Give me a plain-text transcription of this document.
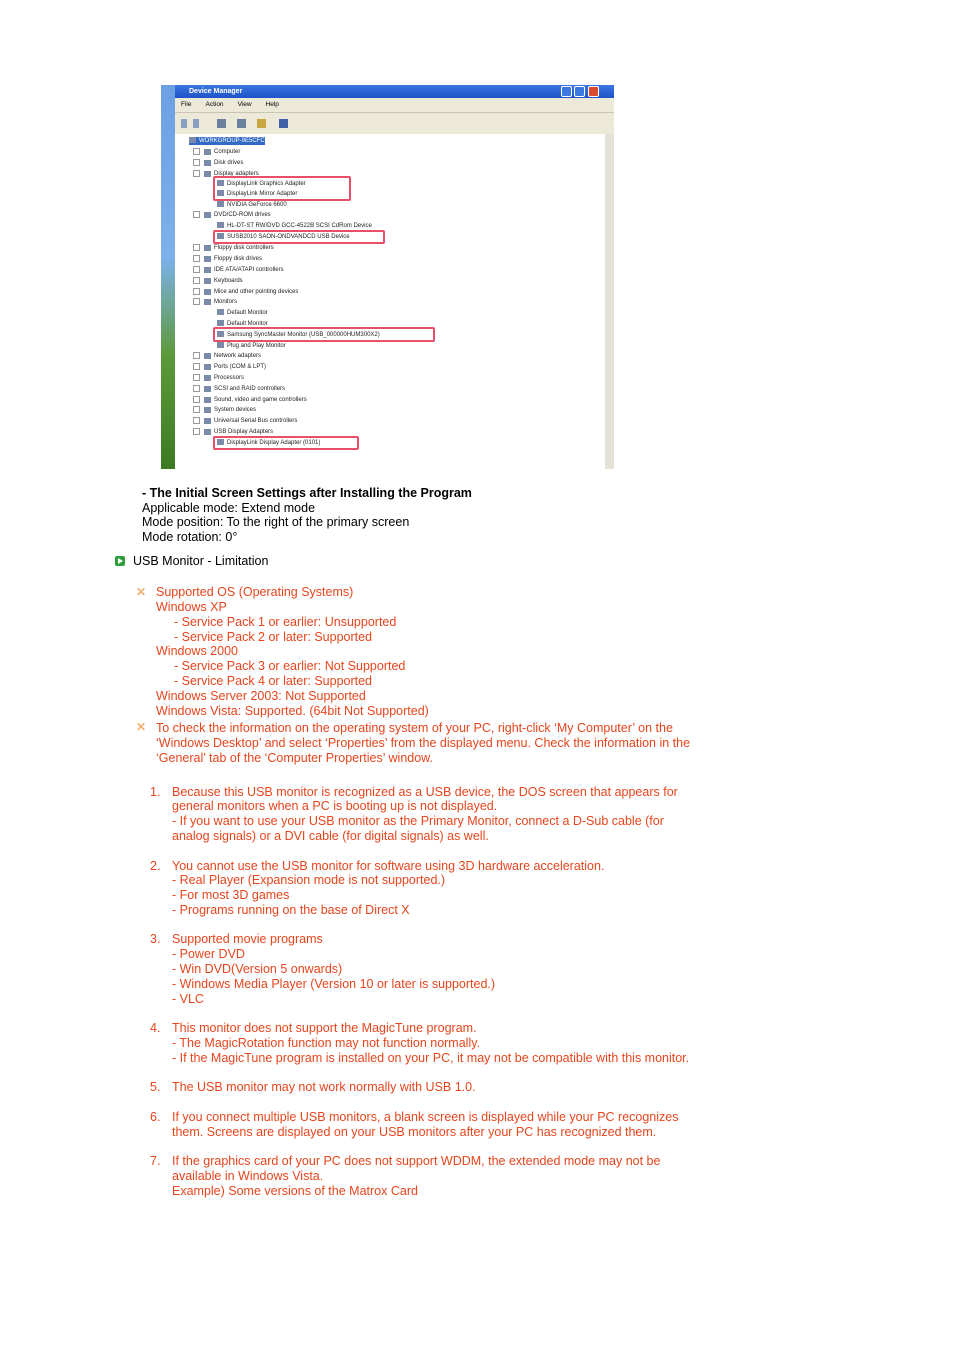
Device Manager
File Action View Help
WORKGROUP-9E5CFC
Computer
Disk drives
Display adapters
DisplayLink Graphics Adapter
DisplayLink Mirror Adapter
NVIDIA GeForce 6600
DVD/CD-ROM drives
HL-DT-ST RW/DVD GCC-4522B SCSI CdRom Device
SUSB2010 SAON-ONDVANDCD USB Device
Floppy disk controllers
Floppy disk drives
IDE ATA/ATAPI controllers
Keyboards
Mice and other pointing devices
Monitors
Default Monitor
Default Monitor
Samsung SyncMaster Monitor (USB_000000HUM300X2)
Plug and Play Monitor
Network adapters
Ports (COM & LPT)
Processors
SCSI and RAID controllers
Sound, video and game controllers
System devices
Universal Serial Bus controllers
USB Display Adapters
DisplayLink Display Adapter (0101)
- The Initial Screen Settings after Installing the Program
Applicable mode: Extend mode
Mode position: To the right of the primary screen
Mode rotation: 0°
USB Monitor - Limitation
✕ Supported OS (Operating Systems)
Windows XP
- Service Pack 1 or earlier: Unsupported
- Service Pack 2 or later: Supported
Windows 2000
- Service Pack 3 or earlier: Not Supported
- Service Pack 4 or later: Supported
Windows Server 2003: Not Supported
Windows Vista: Supported. (64bit Not Supported)
✕ To check the information on the operating system of your PC, right-click ‘My Computer’ on the
‘Windows Desktop’ and select ‘Properties’ from the displayed menu. Check the information in the
‘General’ tab of the ‘Computer Properties’ window.
1. Because this USB monitor is recognized as a USB device, the DOS screen that appears for
general monitors when a PC is booting up is not displayed.
- If you want to use your USB monitor as the Primary Monitor, connect a D-Sub cable (for
analog signals) or a DVI cable (for digital signals) as well.
2. You cannot use the USB monitor for software using 3D hardware acceleration.
- Real Player (Expansion mode is not supported.)
- For most 3D games
- Programs running on the base of Direct X
3. Supported movie programs
- Power DVD
- Win DVD(Version 5 onwards)
- Windows Media Player (Version 10 or later is supported.)
- VLC
4. This monitor does not support the MagicTune program.
- The MagicRotation function may not function normally.
- If the MagicTune program is installed on your PC, it may not be compatible with this monitor.
5. The USB monitor may not work normally with USB 1.0.
6. If you connect multiple USB monitors, a blank screen is displayed while your PC recognizes
them. Screens are displayed on your USB monitors after your PC has recognized them.
7. If the graphics card of your PC does not support WDDM, the extended mode may not be
available in Windows Vista.
Example) Some versions of the Matrox Card
